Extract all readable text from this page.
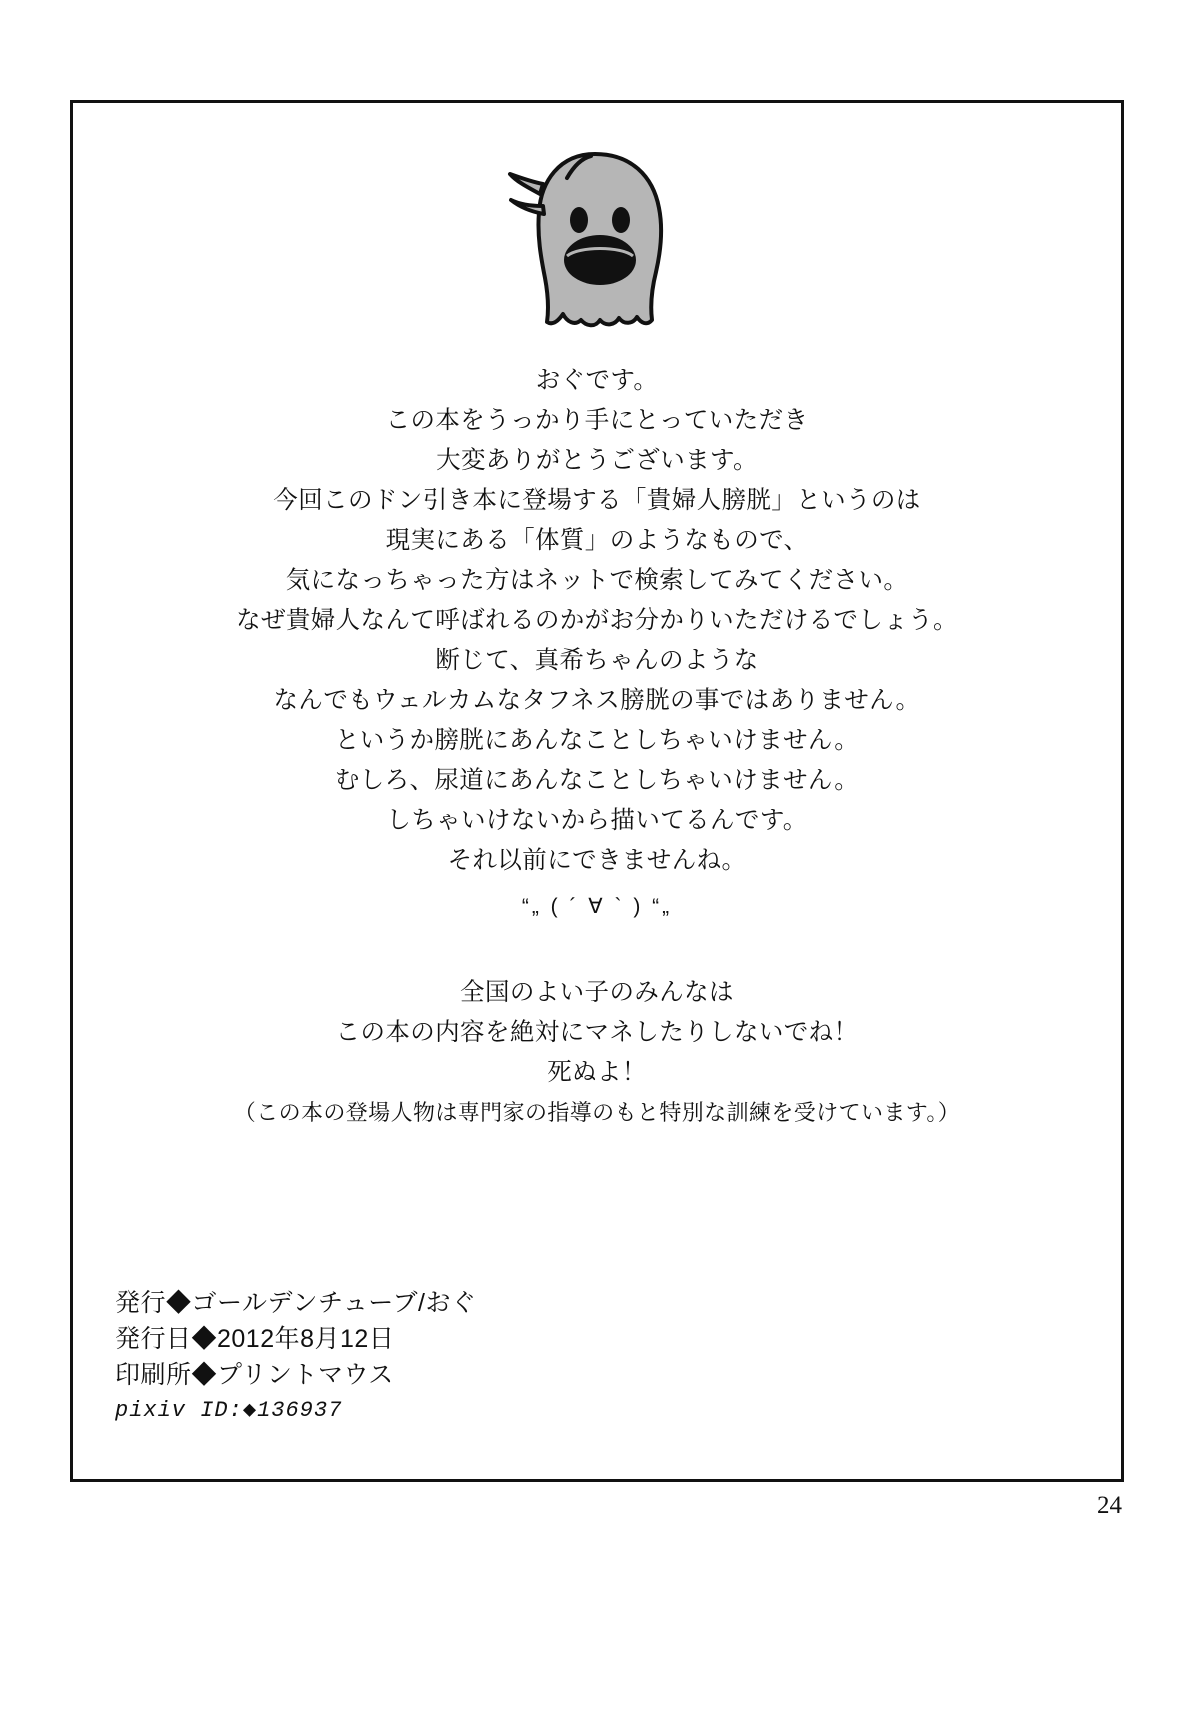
おぐです。
この本をうっかり手にとっていただき
大変ありがとうございます。
今回このドン引き本に登場する「貴婦人膀胱」というのは
現実にある「体質」のようなもので、
気になっちゃった方はネットで検索してみてください。
なぜ貴婦人なんて呼ばれるのかがお分かりいただけるでしょう。
断じて、真希ちゃんのような
なんでもウェルカムなタフネス膀胱の事ではありません。
というか膀胱にあんなことしちゃいけません。
むしろ、尿道にあんなことしちゃいけません。
しちゃいけないから描いてるんです。
それ以前にできませんね。
“„ ( ´ ∀ ` ) “„
全国のよい子のみんなは
この本の内容を絶対にマネしたりしないでね！
死ぬよ！
（この本の登場人物は専門家の指導のもと特別な訓練を受けています。）
発行◆ゴールデンチューブ/おぐ
発行日◆2012年8月12日
印刷所◆プリントマウス
pixiv ID:◆136937
24
